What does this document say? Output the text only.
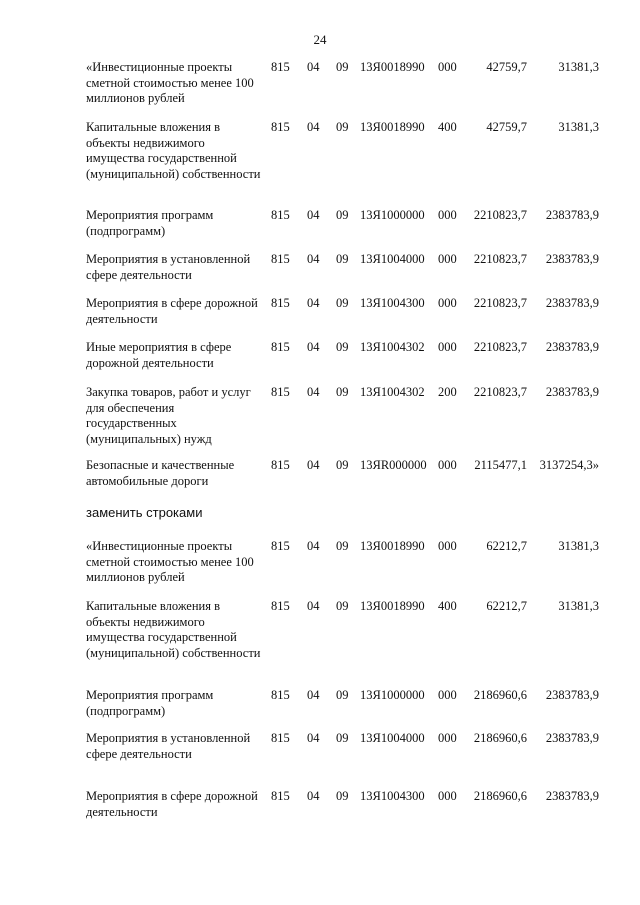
24
заменить строками
«Инвестиционные проекты сметной стоимостью менее 100 миллионов рублей
815 04 09 13Я0018990 000 42759,7	31381,3
Капитальные вложения в объекты недвижимого имущества государственной (муниципальной) собственности
815 04 09 13Я0018990 400 42759,7	31381,3
Мероприятия программ (подпрограмм)
815 04 09 13Я1000000 000 2210823,7 2383783,9
Мероприятия в установленной сфере деятельности
815 04 09 13Я1004000 000 2210823,7 2383783,9
Мероприятия в сфере дорожной деятельности
815 04 09 13Я1004300 000 2210823,7 2383783,9
Иные мероприятия в сфере дорожной деятельности
815 04 09 13Я1004302 000 2210823,7 2383783,9
Закупка товаров, работ и услуг для обеспечения государственных (муниципальных) нужд
815 04 09 13Я1004302 200 2210823,7 2383783,9
Безопасные и качественные автомобильные дороги
815 04 09 13ЯR000000 000 2115477,1 3137254,3»
«Инвестиционные проекты сметной стоимостью менее 100 миллионов рублей
815 04 09 13Я0018990 000 62212,7	31381,3
Капитальные вложения в объекты недвижимого имущества государственной (муниципальной) собственности
815 04 09 13Я0018990 400 62212,7	31381,3
Мероприятия программ (подпрограмм)
815 04 09 13Я1000000 000 2186960,6 2383783,9
Мероприятия в установленной сфере деятельности
815 04 09 13Я1004000 000 2186960,6 2383783,9
Мероприятия в сфере дорожной деятельности
815 04 09 13Я1004300 000 2186960,6 2383783,9
